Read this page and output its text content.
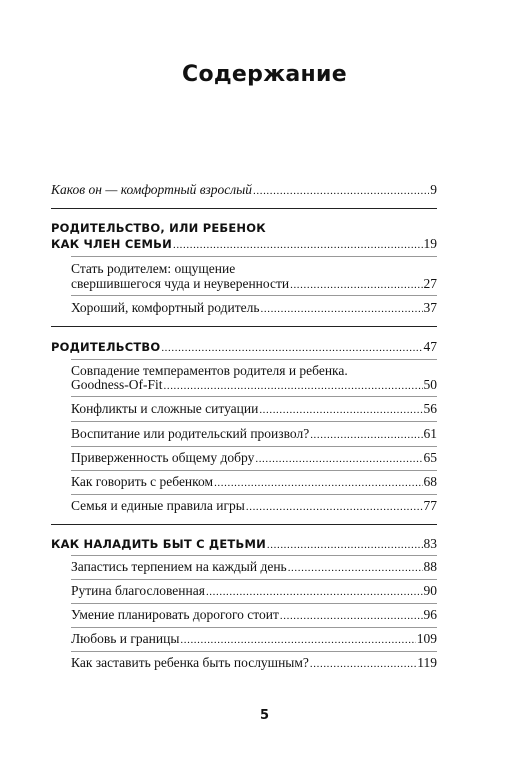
Содержание
Каков он — комфортный взрослый .....	9
РОДИТЕЛЬСТВО, ИЛИ РЕБЕНОК
КАК ЧЛЕН СЕМЬИ .....	19
Стать родителем: ощущение
свершившегося чуда и неуверенности .....	27
Хороший, комфортный родитель .....	37
РОДИТЕЛЬСТВО .....	47
Совпадение темпераментов родителя и ребенка.
Goodness-Of-Fit .....	50
Конфликты и сложные ситуации .....	56
Воспитание или родительский произвол? .....	61
Приверженность общему добру .....	65
Как говорить с ребенком .....	68
Семья и единые правила игры .....	77
КАК НАЛАДИТЬ БЫТ С ДЕТЬМИ .....	83
Запастись терпением на каждый день .....	88
Рутина благословенная .....	90
Умение планировать дорогого стоит .....	96
Любовь и границы .....	109
Как заставить ребенка быть послушным? .....	119
5
